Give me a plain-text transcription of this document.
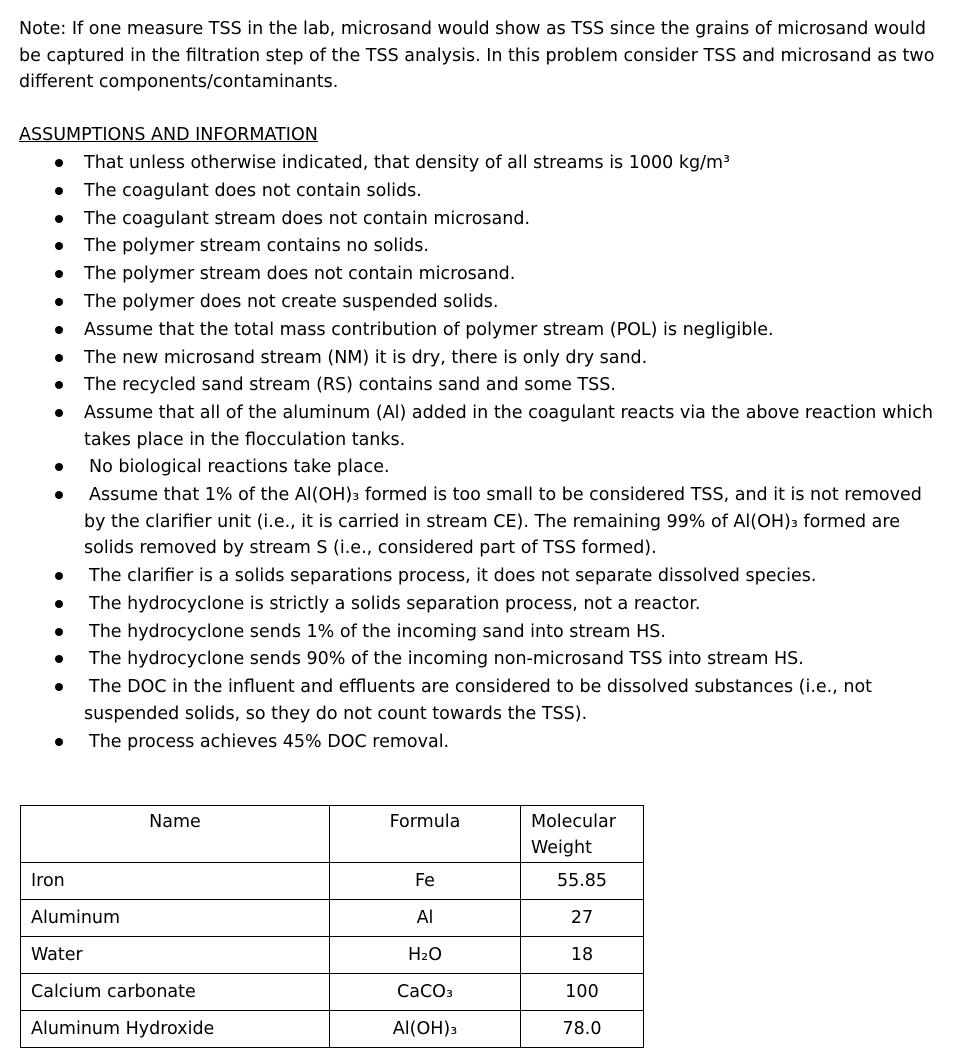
Note: If one measure TSS in the lab, microsand would show as TSS since the grains of microsand would be captured in the filtration step of the TSS analysis. In this problem consider TSS and microsand as two different components/contaminants.
ASSUMPTIONS AND INFORMATION
That unless otherwise indicated, that density of all streams is 1000 kg/m³
The coagulant does not contain solids.
The coagulant stream does not contain microsand.
The polymer stream contains no solids.
The polymer stream does not contain microsand.
The polymer does not create suspended solids.
Assume that the total mass contribution of polymer stream (POL) is negligible.
The new microsand stream (NM) it is dry, there is only dry sand.
The recycled sand stream (RS) contains sand and some TSS.
Assume that all of the aluminum (Al) added in the coagulant reacts via the above reaction which takes place in the flocculation tanks.
No biological reactions take place.
Assume that 1% of the Al(OH)₃ formed is too small to be considered TSS, and it is not removed by the clarifier unit (i.e., it is carried in stream CE). The remaining 99% of Al(OH)₃ formed are solids removed by stream S (i.e., considered part of TSS formed).
The clarifier is a solids separations process, it does not separate dissolved species.
The hydrocyclone is strictly a solids separation process, not a reactor.
The hydrocyclone sends 1% of the incoming sand into stream HS.
The hydrocyclone sends 90% of the incoming non-microsand TSS into stream HS.
The DOC in the influent and effluents are considered to be dissolved substances (i.e., not suspended solids, so they do not count towards the TSS).
The process achieves 45% DOC removal.
Name	Formula	Molecular
Weight
Iron	Fe	55.85
Aluminum	Al	27
Water	H₂O	18
Calcium carbonate	CaCO₃	100
Aluminum Hydroxide	Al(OH)₃	78.0
